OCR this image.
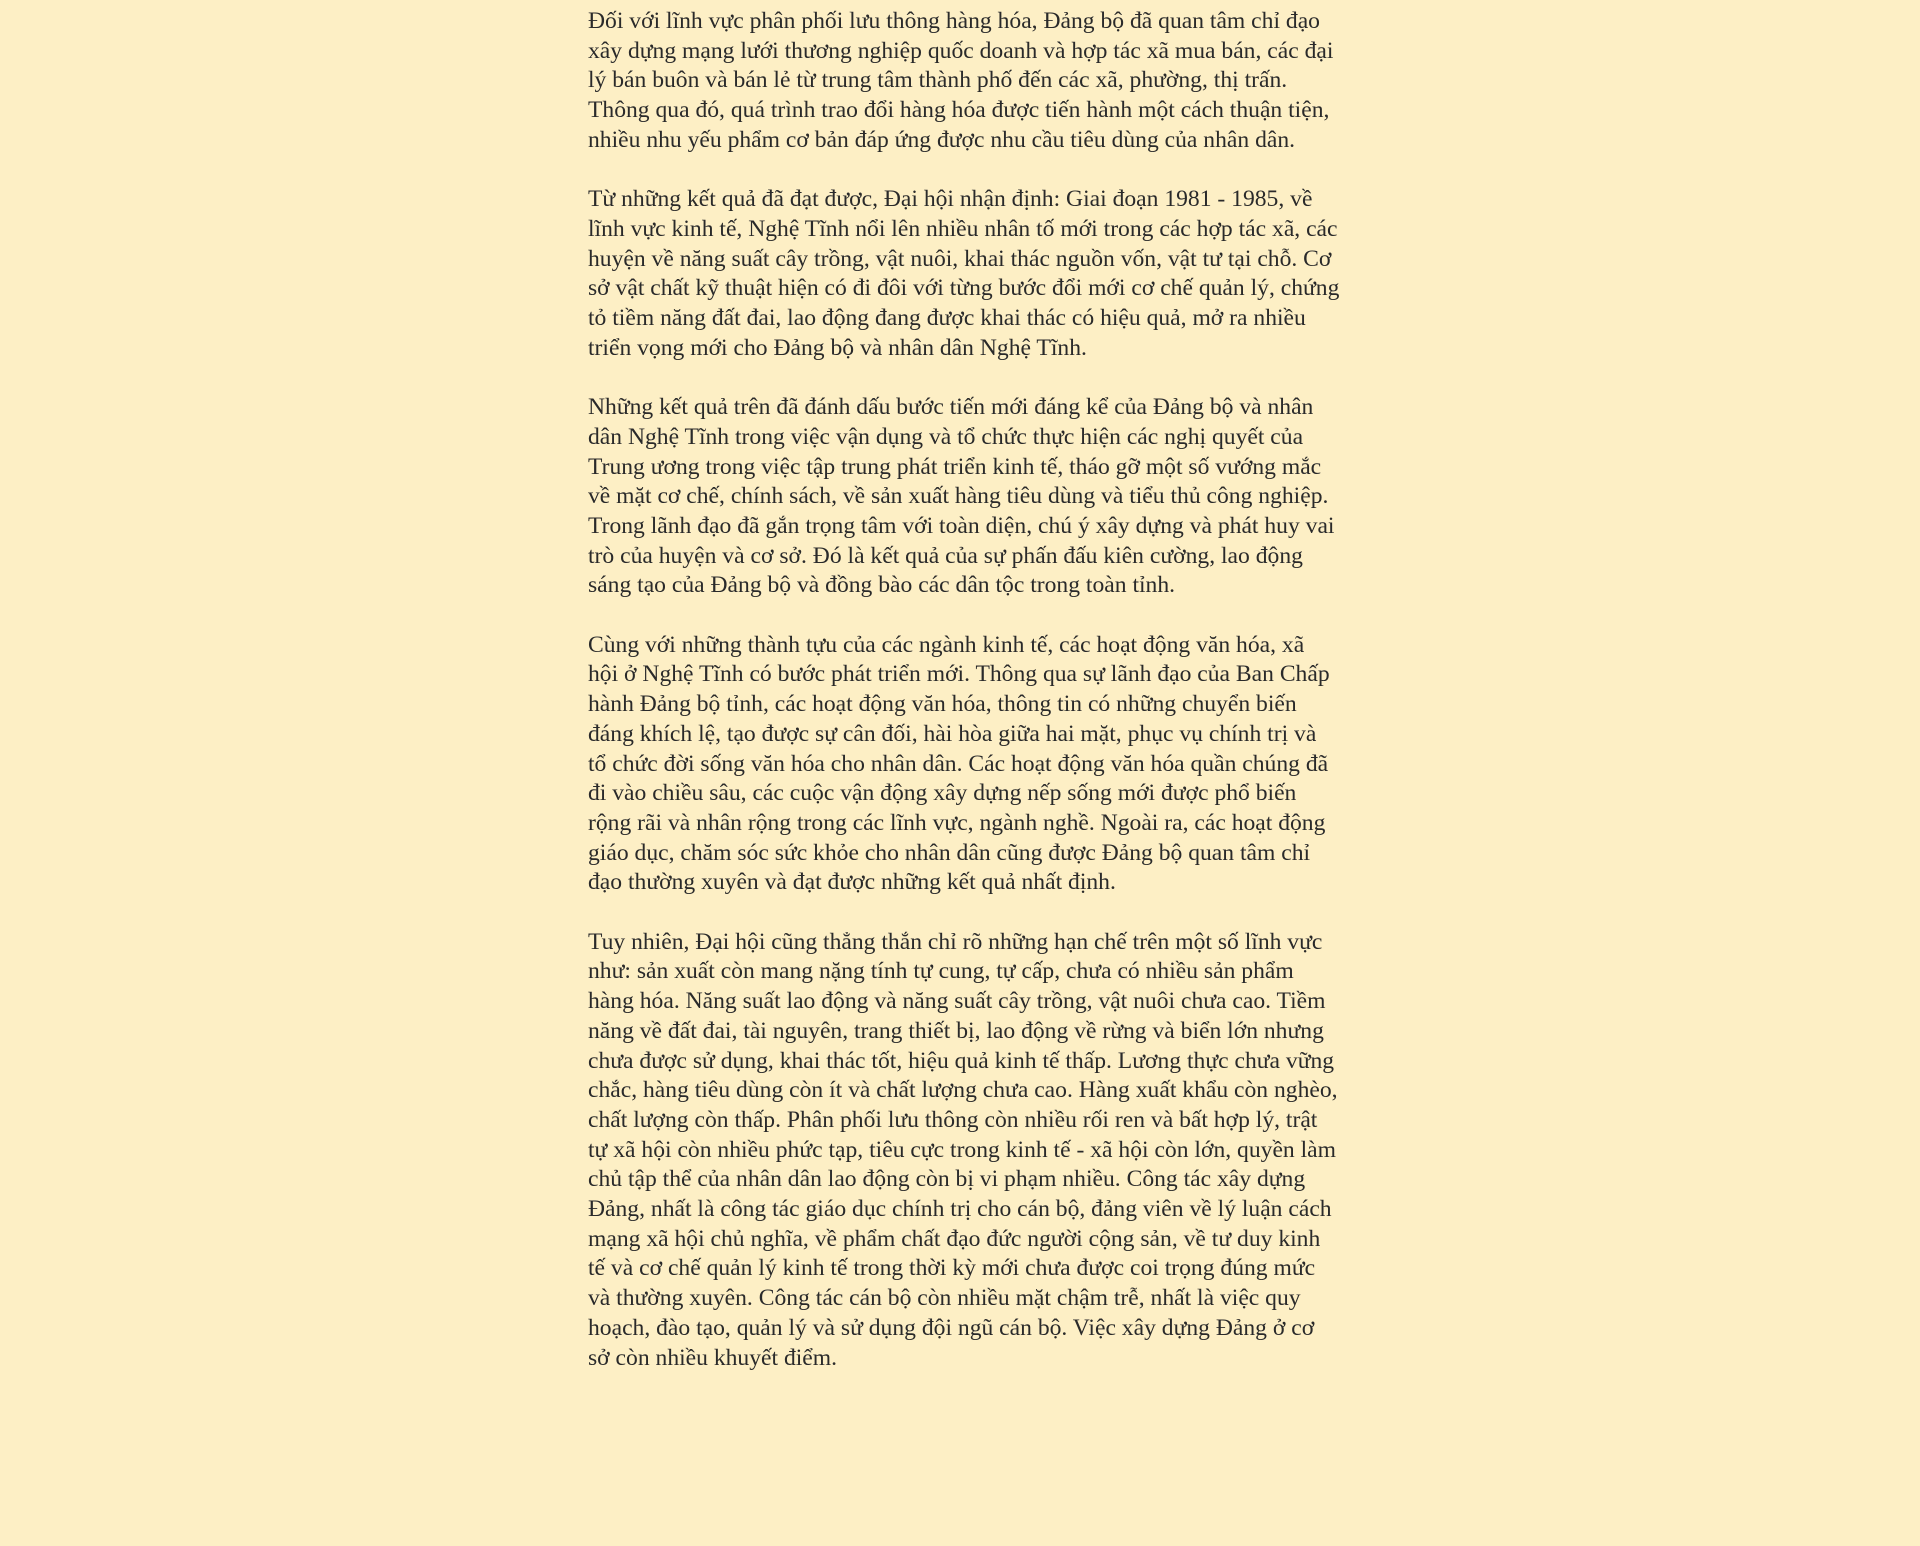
Đối với lĩnh vực phân phối lưu thông hàng hóa, Đảng bộ đã quan tâm chỉ đạo xây dựng mạng lưới thương nghiệp quốc doanh và hợp tác xã mua bán, các đại lý bán buôn và bán lẻ từ trung tâm thành phố đến các xã, phường, thị trấn. Thông qua đó, quá trình trao đổi hàng hóa được tiến hành một cách thuận tiện, nhiều nhu yếu phẩm cơ bản đáp ứng được nhu cầu tiêu dùng của nhân dân.

Từ những kết quả đã đạt được, Đại hội nhận định: Giai đoạn 1981 - 1985, về lĩnh vực kinh tế, Nghệ Tĩnh nổi lên nhiều nhân tố mới trong các hợp tác xã, các huyện về năng suất cây trồng, vật nuôi, khai thác nguồn vốn, vật tư tại chỗ. Cơ sở vật chất kỹ thuật hiện có đi đôi với từng bước đổi mới cơ chế quản lý, chứng tỏ tiềm năng đất đai, lao động đang được khai thác có hiệu quả, mở ra nhiều triển vọng mới cho Đảng bộ và nhân dân Nghệ Tĩnh.

Những kết quả trên đã đánh dấu bước tiến mới đáng kể của Đảng bộ và nhân dân Nghệ Tĩnh trong việc vận dụng và tổ chức thực hiện các nghị quyết của Trung ương trong việc tập trung phát triển kinh tế, tháo gỡ một số vướng mắc về mặt cơ chế, chính sách, về sản xuất hàng tiêu dùng và tiểu thủ công nghiệp. Trong lãnh đạo đã gắn trọng tâm với toàn diện, chú ý xây dựng và phát huy vai trò của huyện và cơ sở. Đó là kết quả của sự phấn đấu kiên cường, lao động sáng tạo của Đảng bộ và đồng bào các dân tộc trong toàn tỉnh.

Cùng với những thành tựu của các ngành kinh tế, các hoạt động văn hóa, xã hội ở Nghệ Tĩnh có bước phát triển mới. Thông qua sự lãnh đạo của Ban Chấp hành Đảng bộ tỉnh, các hoạt động văn hóa, thông tin có những chuyển biến đáng khích lệ, tạo được sự cân đối, hài hòa giữa hai mặt, phục vụ chính trị và tổ chức đời sống văn hóa cho nhân dân. Các hoạt động văn hóa quần chúng đã đi vào chiều sâu, các cuộc vận động xây dựng nếp sống mới được phổ biến rộng rãi và nhân rộng trong các lĩnh vực, ngành nghề. Ngoài ra, các hoạt động giáo dục, chăm sóc sức khỏe cho nhân dân cũng được Đảng bộ quan tâm chỉ đạo thường xuyên và đạt được những kết quả nhất định.

Tuy nhiên, Đại hội cũng thẳng thắn chỉ rõ những hạn chế trên một số lĩnh vực như: sản xuất còn mang nặng tính tự cung, tự cấp, chưa có nhiều sản phẩm hàng hóa. Năng suất lao động và năng suất cây trồng, vật nuôi chưa cao. Tiềm năng về đất đai, tài nguyên, trang thiết bị, lao động về rừng và biển lớn nhưng chưa được sử dụng, khai thác tốt, hiệu quả kinh tế thấp. Lương thực chưa vững chắc, hàng tiêu dùng còn ít và chất lượng chưa cao. Hàng xuất khẩu còn nghèo, chất lượng còn thấp. Phân phối lưu thông còn nhiều rối ren và bất hợp lý, trật tự xã hội còn nhiều phức tạp, tiêu cực trong kinh tế - xã hội còn lớn, quyền làm chủ tập thể của nhân dân lao động còn bị vi phạm nhiều. Công tác xây dựng Đảng, nhất là công tác giáo dục chính trị cho cán bộ, đảng viên về lý luận cách mạng xã hội chủ nghĩa, về phẩm chất đạo đức người cộng sản, về tư duy kinh tế và cơ chế quản lý kinh tế trong thời kỳ mới chưa được coi trọng đúng mức và thường xuyên. Công tác cán bộ còn nhiều mặt chậm trễ, nhất là việc quy hoạch, đào tạo, quản lý và sử dụng đội ngũ cán bộ. Việc xây dựng Đảng ở cơ sở còn nhiều khuyết điểm.
